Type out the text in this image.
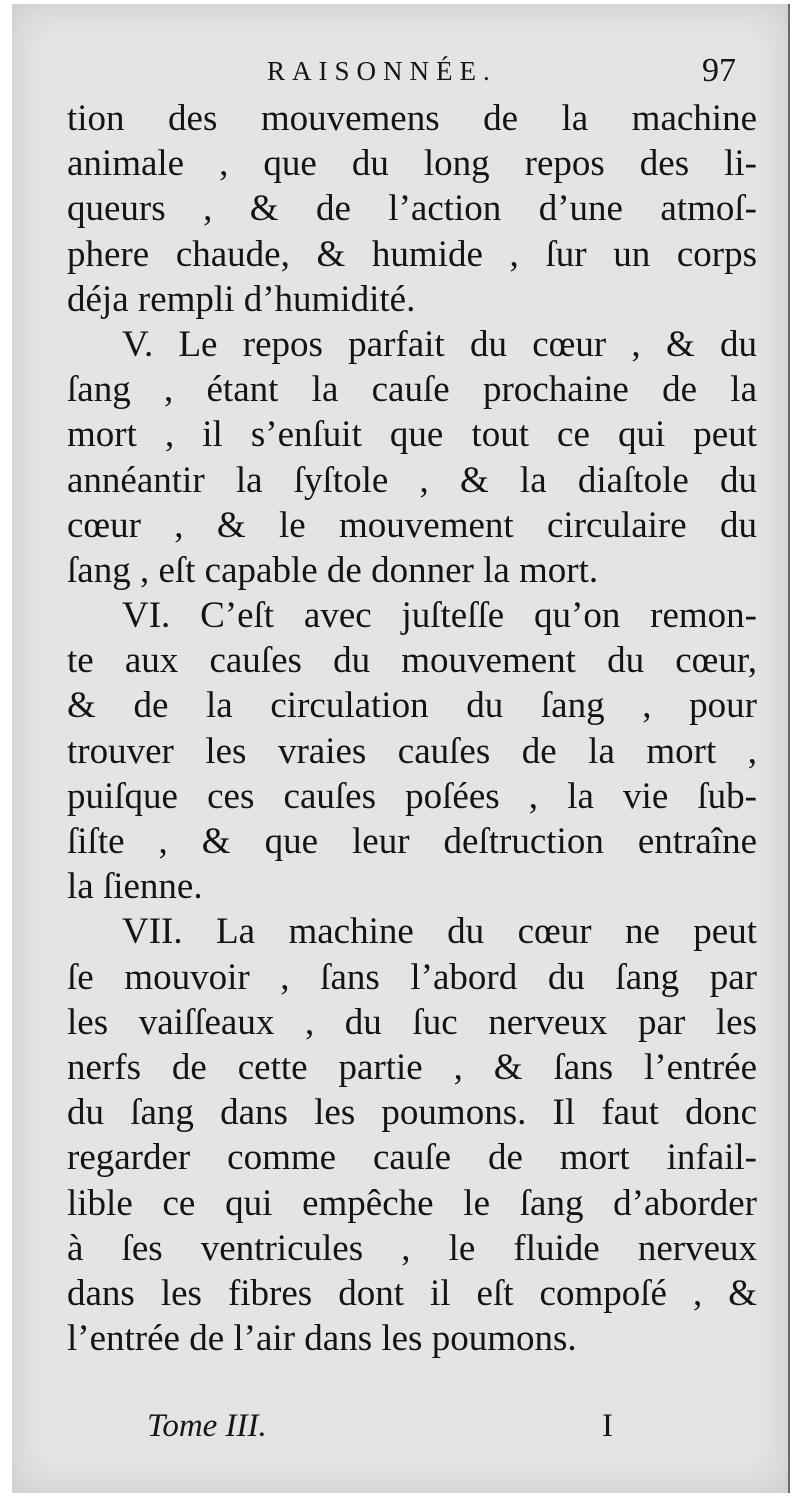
RAISONNÉE.	97
tion des mouvemens de la machine
animale , que du long repos des li-
queurs , & de l’action d’une atmoſ-
phere chaude, & humide , ſur un corps
déja rempli d’humidité.
V. Le repos parfait du cœur , & du
ſang , étant la cauſe prochaine de la
mort , il s’enſuit que tout ce qui peut
annéantir la ſyſtole , & la diaſtole du
cœur , & le mouvement circulaire du
ſang , eſt capable de donner la mort.
VI. C’eſt avec juſteſſe qu’on remon-
te aux cauſes du mouvement du cœur,
& de la circulation du ſang , pour
trouver les vraies cauſes de la mort ,
puiſque ces cauſes poſées , la vie ſub-
ſiſte , & que leur deſtruction entraîne
la ſienne.
VII. La machine du cœur ne peut
ſe mouvoir , ſans l’abord du ſang par
les vaiſſeaux , du ſuc nerveux par les
nerfs de cette partie , & ſans l’entrée
du ſang dans les poumons. Il faut donc
regarder comme cauſe de mort infail-
lible ce qui empêche le ſang d’aborder
à ſes ventricules , le fluide nerveux
dans les fibres dont il eſt compoſé , &
l’entrée de l’air dans les poumons.
Tome III.	I
